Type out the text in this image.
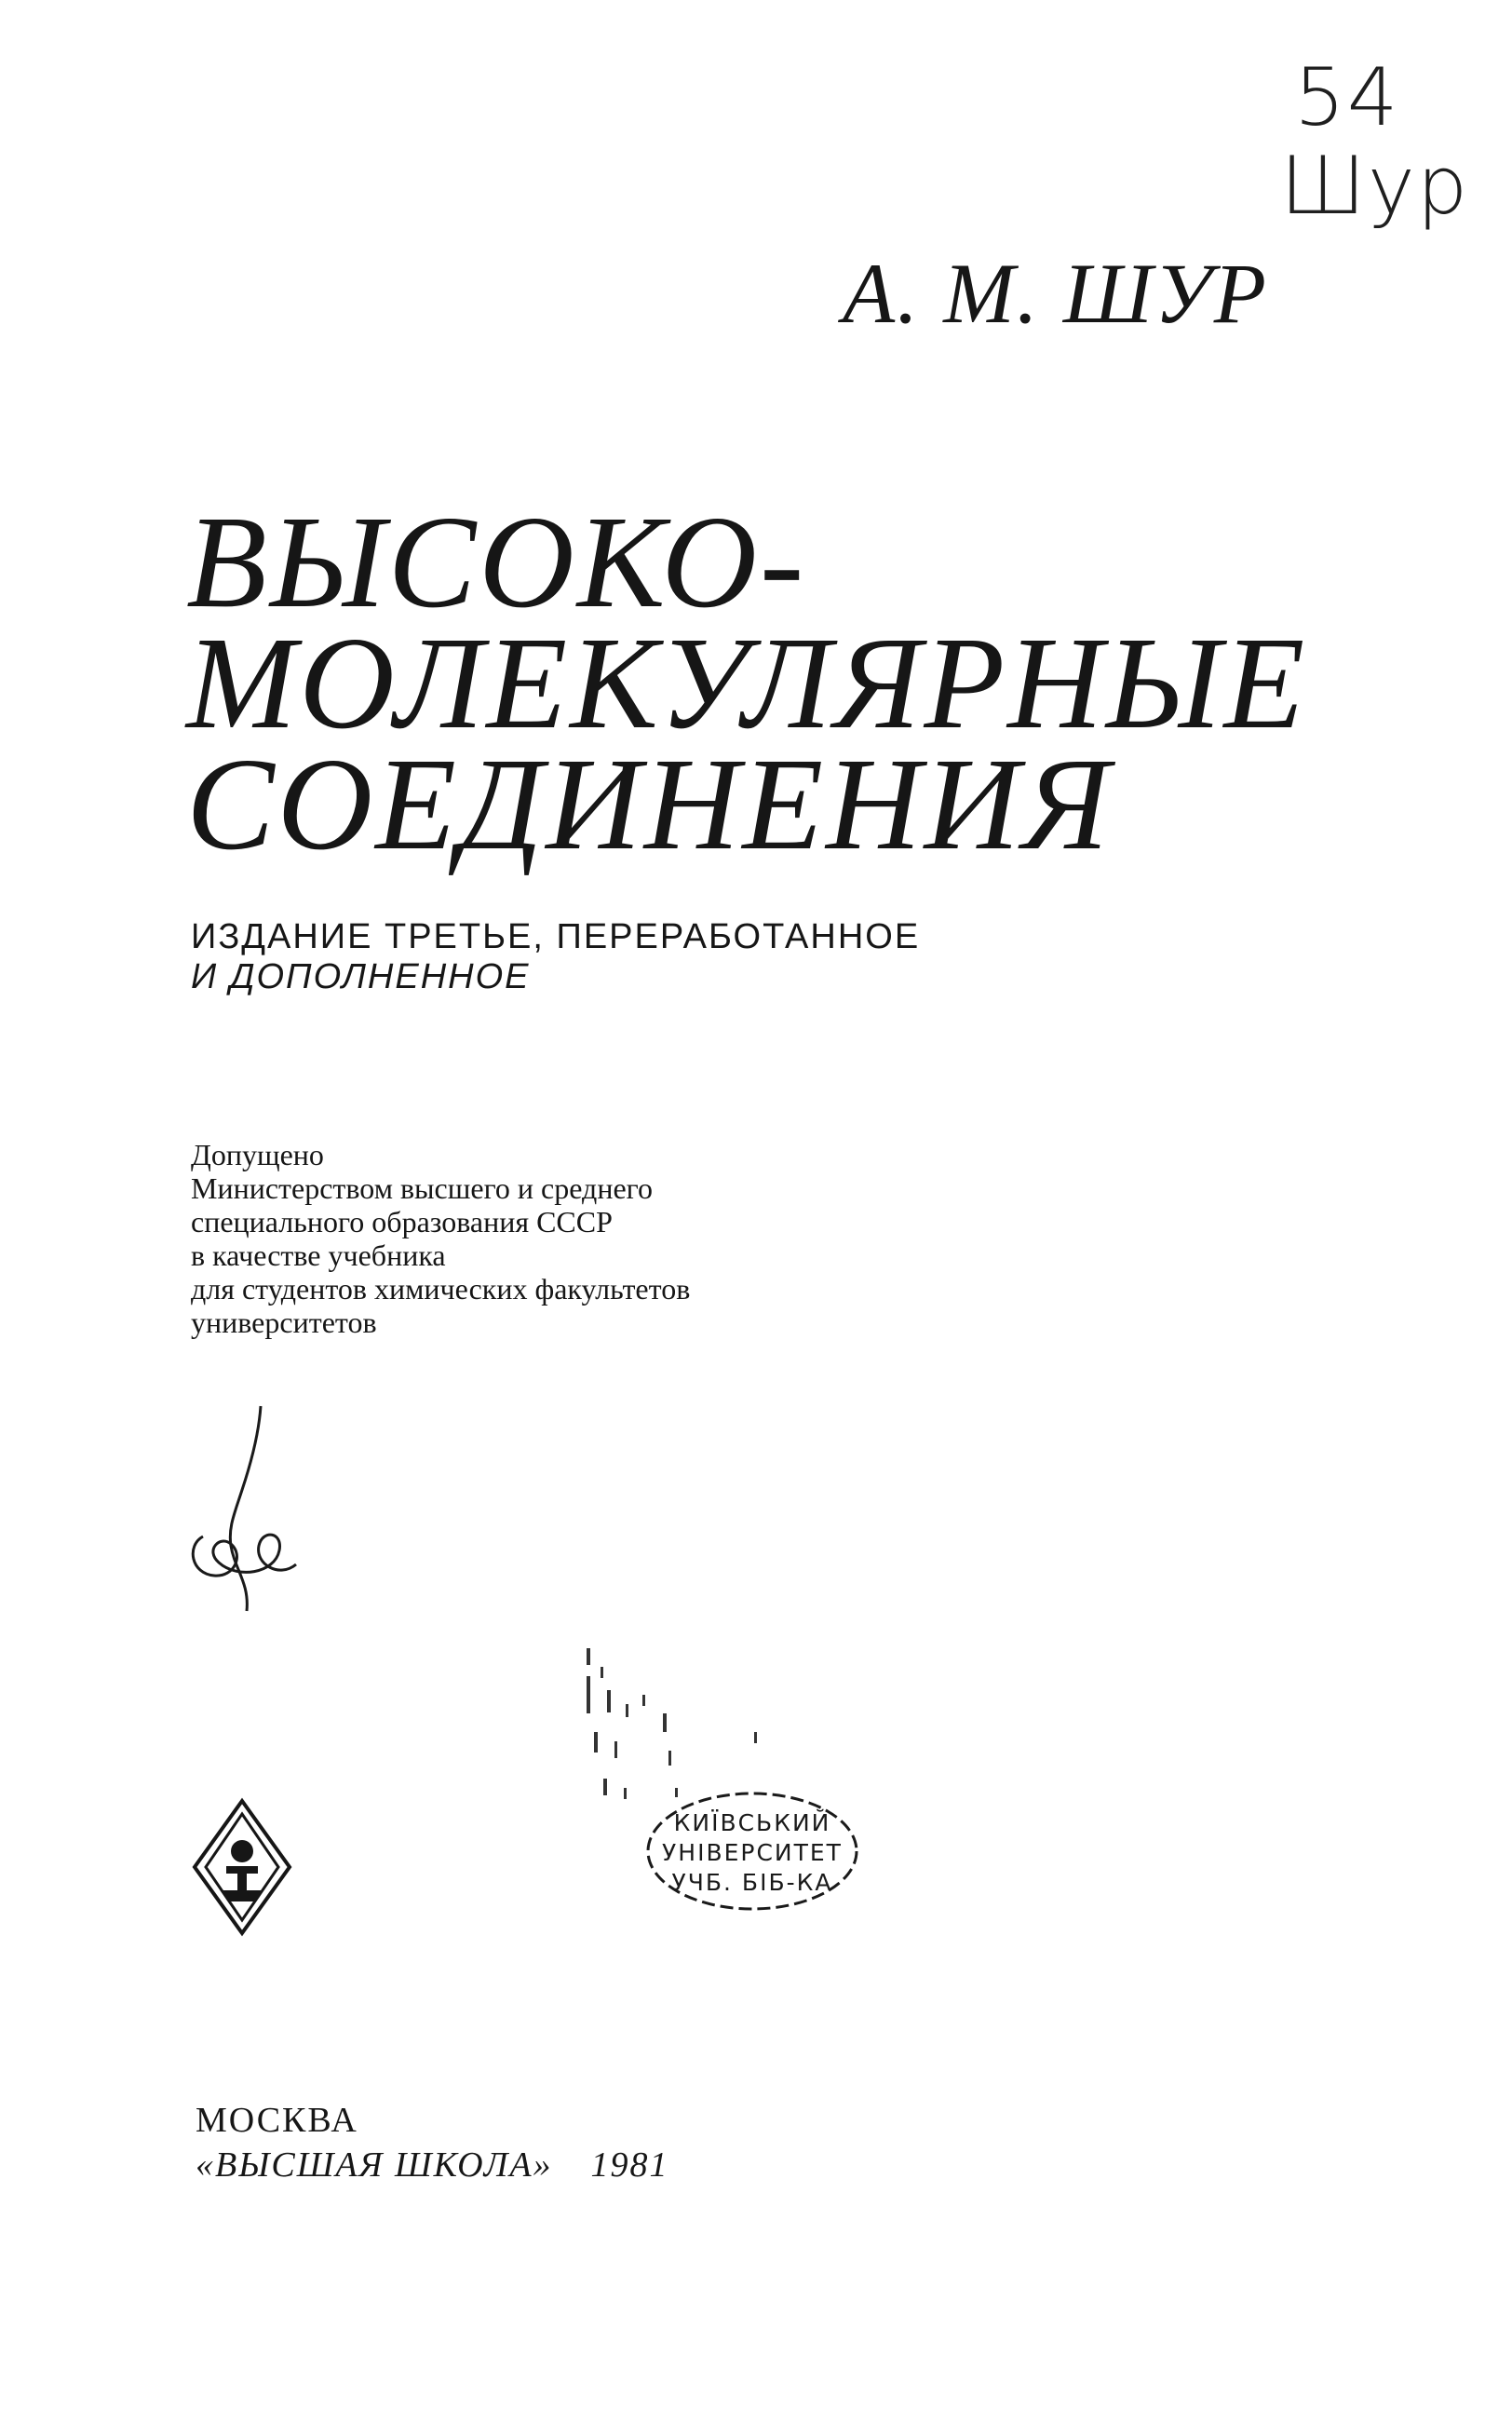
54
Шур
А. М. ШУР
ВЫСОКО-
МОЛЕКУЛЯРНЫЕ
СОЕДИНЕНИЯ
ИЗДАНИЕ ТРЕТЬЕ, ПЕРЕРАБОТАННОЕ
И ДОПОЛНЕННОЕ
Допущено
Министерством высшего и среднего
специального образования СССР
в качестве учебника
для студентов химических факультетов
университетов
КИЇВСЬКИЙ
УНІВЕРСИТЕТ
УЧБ. БІБ-КА
МОСКВА
«ВЫСШАЯ ШКОЛА» 1981
